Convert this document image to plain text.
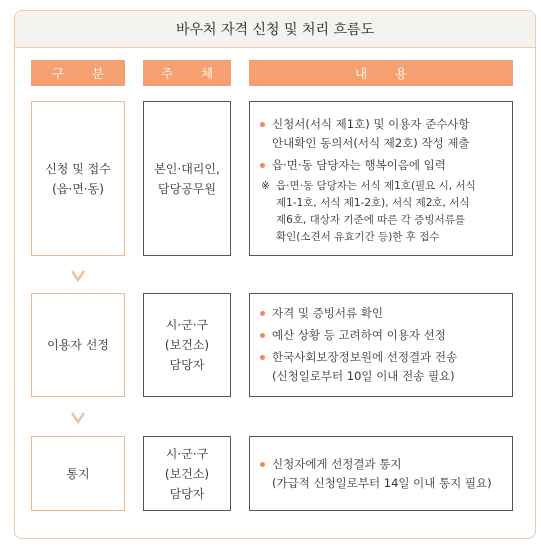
바우처 자격 신청 및 처리 흐름도
구 분	주 체	내 용
신청 및 접수
(읍·면·동)
본인·대리인,
담당공무원
신청서(서식 제1호) 및 이용자 준수사항
안내확인 동의서(서식 제2호) 작성 제출
읍·면·동 담당자는 행복이음에 입력
※ 읍·면·동 담당자는 서식 제1호(필요 시, 서식
제1-1호, 서식 제1-2호), 서식 제2호, 서식
제6호, 대상자 기준에 따른 각 증빙서류를
확인(소견서 유효기간 등)한 후 접수
이용자 선정
시·군·구
(보건소)
담당자
자격 및 증빙서류 확인
예산 상황 등 고려하여 이용자 선정
한국사회보장정보원에 선정결과 전송
(신청일로부터 10일 이내 전송 필요)
통지
시·군·구
(보건소)
담당자
신청자에게 선정결과 통지
(가급적 신청일로부터 14일 이내 통지 필요)
